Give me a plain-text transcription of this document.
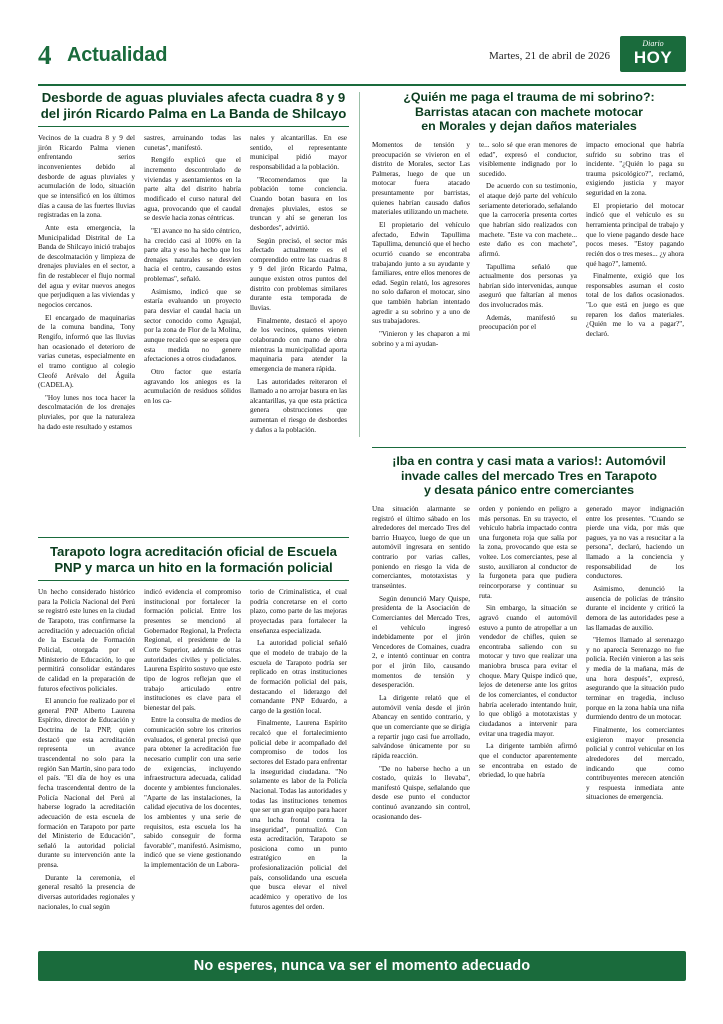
4 Actualidad	Martes, 21 de abril de 2026
Diario
HOY
Desborde de aguas pluviales afecta cuadra 8 y 9
del jirón Ricardo Palma en La Banda de Shilcayo

Vecinos de la cuadra 8 y 9 del jirón Ricardo Palma vienen enfrentando serios inconvenientes debido al desborde de aguas pluviales y acumulación de lodo, situación que se intensificó en los últimos días a causa de las fuertes lluvias registradas en la zona.

Ante esta emergencia, la Municipalidad Distrital de La Banda de Shilcayo inició trabajos de descolmatación y limpieza de drenajes pluviales en el sector, a fin de restablecer el flujo normal del agua y evitar nuevos anegos que perjudiquen a las viviendas y negocios cercanos.

El encargado de maquinarias de la comuna bandina, Tony Rengifo, informó que las lluvias han ocasionado el deterioro de varias cunetas, especialmente en el tramo contiguo al colegio Cleofé Arévalo del Águila (CADELA).

"Hoy lunes nos toca hacer la descolmatación de los drenajes pluviales, por que la naturaleza ha dado este resultado y estamos

sastres, arruinando todas las cunetas", manifestó.

Rengifo explicó que el incremento descontrolado de viviendas y asentamientos en la parte alta del distrito habría modificado el curso natural del agua, provocando que el caudal se desvíe hacia zonas céntricas.

"El avance no ha sido céntrico, ha crecido casi al 100% en la parte alta y eso ha hecho que los drenajes naturales se desvíen hacia el centro, causando estos problemas", señaló.

Asimismo, indicó que se estaría evaluando un proyecto para desviar el caudal hacia un sector conocido como Aguajal, por la zona de Flor de la Molina, aunque recalcó que se espera que esta medida no genere afectaciones a otros ciudadanos.

Otro factor que estaría agravando los aniegos es la acumulación de residuos sólidos en los ca-

nales y alcantarillas. En ese sentido, el representante municipal pidió mayor responsabilidad a la población.

"Recomendamos que la población tome conciencia. Cuando botan basura en los drenajes pluviales, estos se truncan y ahí se generan los desbordes", advirtió.

Según precisó, el sector más afectado actualmente es el comprendido entre las cuadras 8 y 9 del jirón Ricardo Palma, aunque existen otros puntos del distrito con problemas similares durante esta temporada de lluvias.

Finalmente, destacó el apoyo de los vecinos, quienes vienen colaborando con mano de obra mientras la municipalidad aporta maquinaria para atender la emergencia de manera rápida.

Las autoridades reiteraron el llamado a no arrojar basura en las alcantarillas, ya que esta práctica genera obstrucciones que aumentan el riesgo de desbordes y daños a la población.

¿Quién me paga el trauma de mi sobrino?:
Barristas atacan con machete motocar
en Morales y dejan daños materiales

Momentos de tensión y preocupación se vivieron en el distrito de Morales, sector Las Palmeras, luego de que un motocar fuera atacado presuntamente por barristas, quienes habrían causado daños materiales utilizando un machete.

El propietario del vehículo afectado, Edwin Tapullima Tapullima, denunció que el hecho ocurrió cuando se encontraba trabajando junto a su ayudante y familiares, entre ellos menores de edad. Según relató, los agresores no solo dañaron el motocar, sino que también habrían intentado agredir a su sobrino y a uno de sus trabajadores.

"Vinieron y les chaparon a mi sobrino y a mi ayudan-

te... solo sé que eran menores de edad", expresó el conductor, visiblemente indignado por lo sucedido.

De acuerdo con su testimonio, el ataque dejó parte del vehículo seriamente deteriorado, señalando que la carrocería presenta cortes que habrían sido realizados con machete. "Este va con machete... este daño es con machete", afirmó.

Tapullima señaló que actualmente dos personas ya habrían sido intervenidas, aunque aseguró que faltarían al menos dos involucrados más.

Además, manifestó su preocupación por el

impacto emocional que habría sufrido su sobrino tras el incidente. "¿Quién lo paga su trauma psicológico?", reclamó, exigiendo justicia y mayor seguridad en la zona.

El propietario del motocar indicó que el vehículo es su herramienta principal de trabajo y que lo viene pagando desde hace pocos meses. "Estoy pagando recién dos o tres meses... ¿y ahora qué hago?", lamentó.

Finalmente, exigió que los responsables asuman el costo total de los daños ocasionados. "Lo que está en juego es que reparen los daños materiales. ¿Quién me lo va a pagar?", declaró.

¡Iba en contra y casi mata a varios!: Automóvil
invade calles del mercado Tres en Tarapoto
y desata pánico entre comerciantes

Una situación alarmante se registró el último sábado en los alrededores del mercado Tres del barrio Huayco, luego de que un automóvil ingresara en sentido contrario por varias calles, poniendo en riesgo la vida de comerciantes, mototaxistas y transeúntes.

Según denunció Mary Quispe, presidenta de la Asociación de Comerciantes del Mercado Tres, el vehículo ingresó indebidamente por el jirón Vencedores de Comaines, cuadra 2, e intentó continuar en contra por el jirón Iilo, causando momentos de tensión y desesperación.

La dirigente relató que el automóvil venía desde el jirón Abancay en sentido contrario, y que un comerciante que se dirigía a repartir jugo casi fue arrollado, salvándose únicamente por su rápida reacción.

"De no haberse hecho a un costado, quizás lo llevaba", manifestó Quispe, señalando que desde ese punto el conductor continuó avanzando sin control, ocasionando des-

orden y poniendo en peligro a más personas. En su trayecto, el vehículo habría impactado contra una furgoneta roja que salía por la zona, provocando que esta se voltee. Los comerciantes, pese al susto, auxiliaron al conductor de la furgoneta para que pudiera reincorporarse y continuar su ruta.

Sin embargo, la situación se agravó cuando el automóvil estuvo a punto de atropellar a un vendedor de chifles, quien se encontraba saliendo con su motocar y tuvo que realizar una maniobra brusca para evitar el choque. Mary Quispe indicó que, lejos de detenerse ante los gritos de los comerciantes, el conductor habría acelerado intentando huir, lo que obligó a mototaxistas y ciudadanos a intervenir para evitar una tragedia mayor.

La dirigente también afirmó que el conductor aparentemente se encontraba en estado de ebriedad, lo que habría

generado mayor indignación entre los presentes. "Cuando se pierde una vida, por más que pagues, ya no vas a resucitar a la persona", declaró, haciendo un llamado a la conciencia y responsabilidad de los conductores.

Asimismo, denunció la ausencia de policías de tránsito durante el incidente y criticó la demora de las autoridades pese a las llamadas de auxilio.

"Hemos llamado al serenazgo y no aparecía Serenazgo no fue policía. Recién vinieron a las seis y media de la mañana, más de una hora después", expresó, asegurando que la situación pudo terminar en tragedia, incluso porque en la zona había una niña durmiendo dentro de un motocar.

Finalmente, los comerciantes exigieron mayor presencia policial y control vehicular en los alrededores del mercado, indicando que como contribuyentes merecen atención y respuesta inmediata ante situaciones de emergencia.

Tarapoto logra acreditación oficial de Escuela
PNP y marca un hito en la formación policial

Un hecho considerado histórico para la Policía Nacional del Perú se registró este lunes en la ciudad de Tarapoto, tras confirmarse la acreditación y adecuación oficial de la Escuela de Formación Policial, otorgada por el Ministerio de Educación, lo que permitirá consolidar estándares de calidad en la preparación de futuros efectivos policiales.

El anuncio fue realizado por el general PNP Alberto Laurena Espírito, director de Educación y Doctrina de la PNP, quien destacó que esta acreditación representa un avance trascendental no solo para la región San Martín, sino para todo el país. "El día de hoy es una fecha trascendental dentro de la Policía Nacional del Perú al haberse logrado la acreditación adecuación de esta escuela de formación en Tarapoto por parte del Ministerio de Educación", señaló la autoridad policial durante su intervención ante la prensa.

Durante la ceremonia, el general resaltó la presencia de diversas autoridades regionales y nacionales, lo cual según

indicó evidencia el compromiso institucional por fortalecer la formación policial. Entre los presentes se mencionó al Gobernador Regional, la Prefecta Regional, el presidente de la Corte Superior, además de otras autoridades civiles y policiales. Laurena Espírito sostuvo que este tipo de logros reflejan que el trabajo articulado entre instituciones es clave para el bienestar del país.

Entre la consulta de medios de comunicación sobre los criterios evaluados, el general precisó que para obtener la acreditación fue necesario cumplir con una serie de exigencias, incluyendo infraestructura adecuada, calidad docente y ambientes funcionales. "Aparte de las instalaciones, la calidad ejecutiva de los docentes, los ambientes y una serie de requisitos, esta escuela los ha sabido conseguir de forma favorable", manifestó. Asimismo, indicó que se viene gestionando la implementación de un Labora-

torio de Criminalística, el cual podría concretarse en el corto plazo, como parte de las mejoras proyectadas para fortalecer la enseñanza especializada.

La autoridad policial señaló que el modelo de trabajo de la escuela de Tarapoto podría ser replicado en otras instituciones de formación policial del país, destacando el liderazgo del comandante PNP Eduardo, a cargo de la gestión local.

Finalmente, Laurena Espírito recalcó que el fortalecimiento policial debe ir acompañado del compromiso de todos los sectores del Estado para enfrentar la inseguridad ciudadana. "No solamente es labor de la Policía Nacional. Todas las autoridades y todas las instituciones tenemos que ser un gran equipo para hacer una lucha frontal contra la inseguridad", puntualizó. Con esta acreditación, Tarapoto se posiciona como un punto estratégico en la profesionalización policial del país, consolidando una escuela que busca elevar el nivel académico y operativo de los futuros agentes del orden.

No esperes, nunca va ser el momento adecuado
